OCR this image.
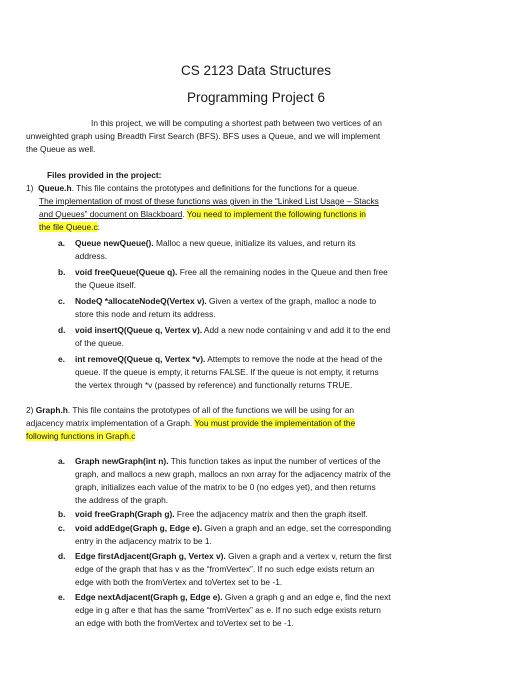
CS 2123 Data Structures
Programming Project 6
In this project, we will be computing a shortest path between two vertices of an
unweighted graph using Breadth First Search (BFS). BFS uses a Queue, and we will implement
the Queue as well.
Files provided in the project:
1) Queue.h. This file contains the prototypes and definitions for the functions for a queue.
The implementation of most of these functions was given in the “Linked List Usage – Stacks
and Queues” document on Blackboard. You need to implement the following functions in
the file Queue.c:
a. Queue newQueue(). Malloc a new queue, initialize its values, and return its
address.
b. void freeQueue(Queue q). Free all the remaining nodes in the Queue and then free
the Queue itself.
c. NodeQ *allocateNodeQ(Vertex v). Given a vertex of the graph, malloc a node to
store this node and return its address.
d. void insertQ(Queue q, Vertex v). Add a new node containing v and add it to the end
of the queue.
e. int removeQ(Queue q, Vertex *v). Attempts to remove the node at the head of the
queue. If the queue is empty, it returns FALSE. If the queue is not empty, it returns
the vertex through *v (passed by reference) and functionally returns TRUE.
2) Graph.h. This file contains the prototypes of all of the functions we will be using for an
adjacency matrix implementation of a Graph. You must provide the implementation of the
following functions in Graph.c
a. Graph newGraph(int n). This function takes as input the number of vertices of the
graph, and mallocs a new graph, mallocs an nxn array for the adjacency matrix of the
graph, initializes each value of the matrix to be 0 (no edges yet), and then returns
the address of the graph.
b. void freeGraph(Graph g). Free the adjacency matrix and then the graph itself.
c. void addEdge(Graph g, Edge e). Given a graph and an edge, set the corresponding
entry in the adjacency matrix to be 1.
d. Edge firstAdjacent(Graph g, Vertex v). Given a graph and a vertex v, return the first
edge of the graph that has v as the “fromVertex”. If no such edge exists return an
edge with both the fromVertex and toVertex set to be -1.
e. Edge nextAdjacent(Graph g, Edge e). Given a graph g and an edge e, find the next
edge in g after e that has the same “fromVertex” as e. If no such edge exists return
an edge with both the fromVertex and toVertex set to be -1.
